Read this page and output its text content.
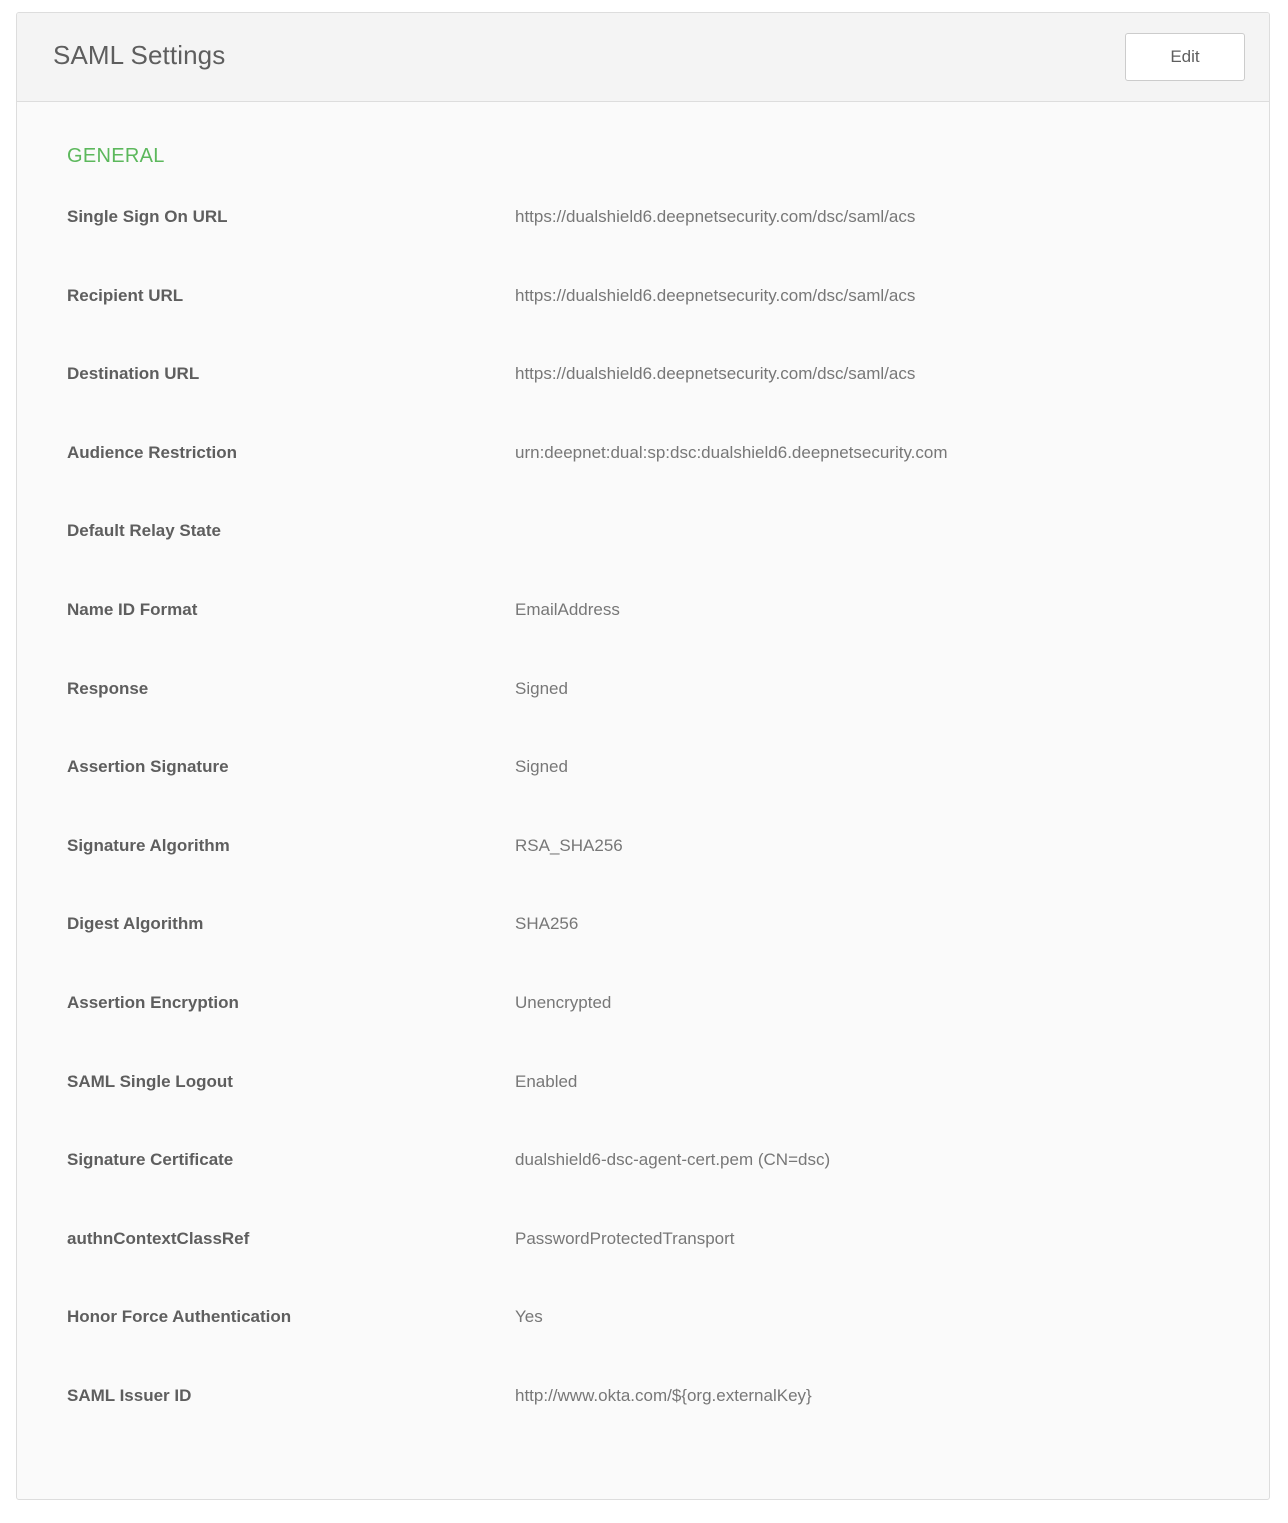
SAML Settings	Edit
GENERAL
Single Sign On URL	https://dualshield6.deepnetsecurity.com/dsc/saml/acs
Recipient URL	https://dualshield6.deepnetsecurity.com/dsc/saml/acs
Destination URL	https://dualshield6.deepnetsecurity.com/dsc/saml/acs
Audience Restriction	urn:deepnet:dual:sp:dsc:dualshield6.deepnetsecurity.com
Default Relay State
Name ID Format	EmailAddress
Response	Signed
Assertion Signature	Signed
Signature Algorithm	RSA_SHA256
Digest Algorithm	SHA256
Assertion Encryption	Unencrypted
SAML Single Logout	Enabled
Signature Certificate	dualshield6-dsc-agent-cert.pem (CN=dsc)
authnContextClassRef	PasswordProtectedTransport
Honor Force Authentication	Yes
SAML Issuer ID	http://www.okta.com/${org.externalKey}
